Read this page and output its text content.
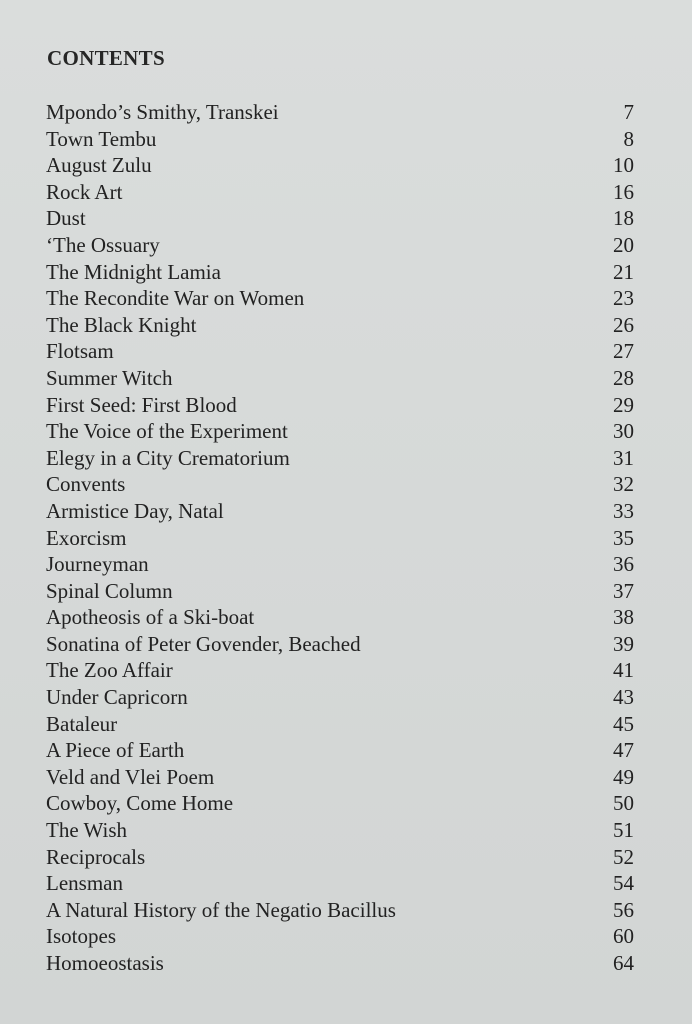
CONTENTS
Mpondo’s Smithy, Transkei	7
Town Tembu	8
August Zulu	10
Rock Art	16
Dust	18
‘The Ossuary	20
The Midnight Lamia	21
The Recondite War on Women	23
The Black Knight	26
Flotsam	27
Summer Witch	28
First Seed: First Blood	29
The Voice of the Experiment	30
Elegy in a City Crematorium	31
Convents	32
Armistice Day, Natal	33
Exorcism	35
Journeyman	36
Spinal Column	37
Apotheosis of a Ski-boat	38
Sonatina of Peter Govender, Beached	39
The Zoo Affair	41
Under Capricorn	43
Bataleur	45
A Piece of Earth	47
Veld and Vlei Poem	49
Cowboy, Come Home	50
The Wish	51
Reciprocals	52
Lensman	54
A Natural History of the Negatio Bacillus	56
Isotopes	60
Homoeostasis	64
